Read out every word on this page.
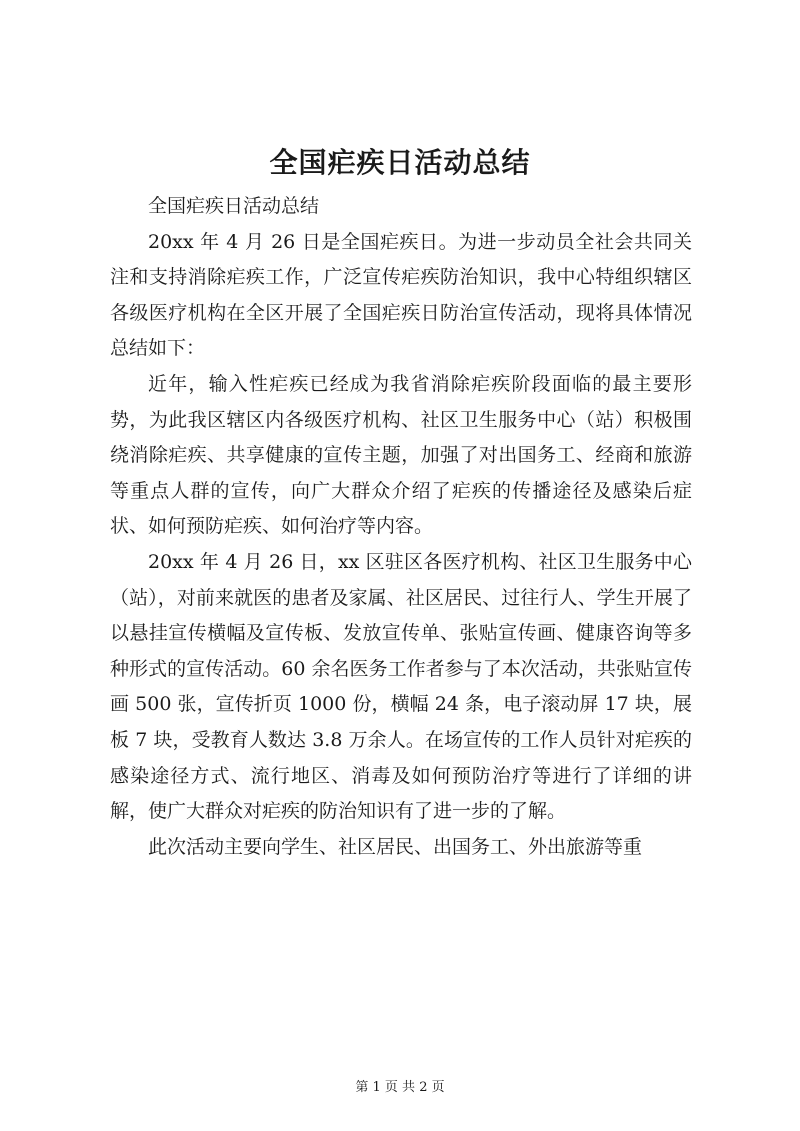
全国疟疾日活动总结

全国疟疾日活动总结

20xx 年 4 月 26 日是全国疟疾日。为进一步动员全社会共同关注和支持消除疟疾工作，广泛宣传疟疾防治知识，我中心特组织辖区各级医疗机构在全区开展了全国疟疾日防治宣传活动，现将具体情况总结如下：

近年，输入性疟疾已经成为我省消除疟疾阶段面临的最主要形势，为此我区辖区内各级医疗机构、社区卫生服务中心（站）积极围绕消除疟疾、共享健康的宣传主题，加强了对出国务工、经商和旅游等重点人群的宣传，向广大群众介绍了疟疾的传播途径及感染后症状、如何预防疟疾、如何治疗等内容。

20xx 年 4 月 26 日，xx 区驻区各医疗机构、社区卫生服务中心（站），对前来就医的患者及家属、社区居民、过往行人、学生开展了以悬挂宣传横幅及宣传板、发放宣传单、张贴宣传画、健康咨询等多种形式的宣传活动。60 余名医务工作者参与了本次活动，共张贴宣传画 500 张，宣传折页 1000 份，横幅 24 条，电子滚动屏 17 块，展板 7 块，受教育人数达 3.8 万余人。在场宣传的工作人员针对疟疾的感染途径方式、流行地区、消毒及如何预防治疗等进行了详细的讲解，使广大群众对疟疾的防治知识有了进一步的了解。

此次活动主要向学生、社区居民、出国务工、外出旅游等重

第 1 页 共 2 页
